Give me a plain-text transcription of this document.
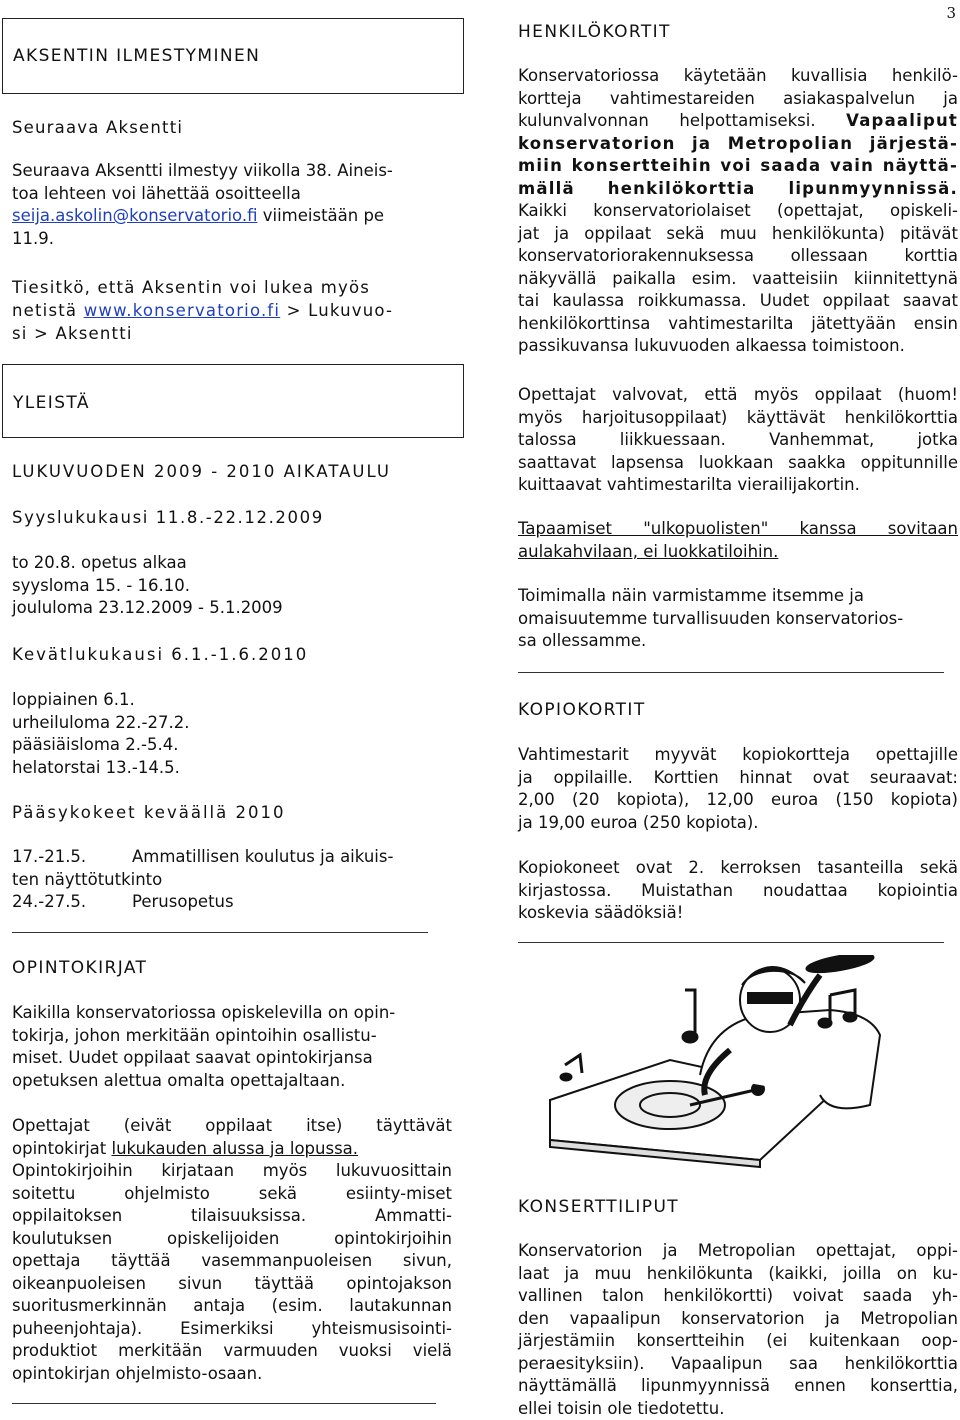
3
AKSENTIN ILMESTYMINEN
Seuraava Aksentti

Seuraava Aksentti ilmestyy viikolla 38. Aineis-

toa lehteen voi lähettää osoitteella

seija.askolin@konservatorio.fi viimeistään pe

11.9.

Tiesitkö, että Aksentin voi lukea myös

netistä www.konservatorio.fi > Lukuvuo-

si > Aksentti

YLEISTÄ
LUKUVUODEN 2009 - 2010 AIKATAULU
Syyslukukausi 11.8.-22.12.2009

to 20.8. opetus alkaa

syysloma 15. - 16.10.

joululoma 23.12.2009 - 5.1.2009

Kevätlukukausi 6.1.-1.6.2010

loppiainen 6.1.

urheiluloma 22.-27.2.

pääsiäisloma 2.-5.4.

helatorstai 13.-14.5.

Pääsykokeet keväällä 2010

17.-21.5.	Ammatillisen koulutus ja aikuis-

ten näyttötutkinto

24.-27.5.	Perusopetus

OPINTOKIRJAT

Kaikilla konservatoriossa opiskelevilla on opin-

tokirja, johon merkitään opintoihin osallistu-

miset. Uudet oppilaat saavat opintokirjansa

opetuksen alettua omalta opettajaltaan.

Opettajat (eivät oppilaat itse) täyttävät

opintokirjat lukukauden alussa ja lopussa.

Opintokirjoihin kirjataan myös lukuvuosittain

soitettu ohjelmisto sekä esiinty-miset

oppilaitoksen tilaisuuksissa. Ammatti-

koulutuksen opiskelijoiden opintokirjoihin

opettaja täyttää vasemmanpuoleisen sivun,

oikeanpuoleisen sivun täyttää opintojakson

suoritusmerkinnän antaja (esim. lautakunnan

puheenjohtaja). Esimerkiksi yhteismusisointi-

produktiot merkitään varmuuden vuoksi vielä

opintokirjan ohjelmisto-osaan.

HENKILÖKORTIT

Konservatoriossa käytetään kuvallisia henkilö-

kortteja vahtimestareiden asiakaspalvelun ja

kulunvalvonnan helpottamiseksi. Vapaaliput

konservatorion ja Metropolian järjestä-

miin konsertteihin voi saada vain näyttä-

mällä henkilökorttia lipunmyynnissä.

Kaikki konservatoriolaiset (opettajat, opiskeli-

jat ja oppilaat sekä muu henkilökunta) pitävät

konservatoriorakennuksessa ollessaan korttia

näkyvällä paikalla esim. vaatteisiin kiinnitettynä

tai kaulassa roikkumassa. Uudet oppilaat saavat

henkilökorttinsa vahtimestarilta jätettyään ensin

passikuvansa lukuvuoden alkaessa toimistoon.

Opettajat valvovat, että myös oppilaat (huom!

myös harjoitusoppilaat) käyttävät henkilökorttia

talossa liikkuessaan. Vanhemmat, jotka

saattavat lapsensa luokkaan saakka oppitunnille

kuittaavat vahtimestarilta vierailijakortin.

Tapaamiset "ulkopuolisten" kanssa sovitaan

aulakahvilaan, ei luokkatiloihin.

Toimimalla näin varmistamme itsemme ja

omaisuutemme turvallisuuden konservatorios-

sa ollessamme.

KOPIOKORTIT

Vahtimestarit myyvät kopiokortteja opettajille

ja oppilaille. Korttien hinnat ovat seuraavat:

2,00 (20 kopiota), 12,00 euroa (150 kopiota)

ja 19,00 euroa (250 kopiota).

Kopiokoneet ovat 2. kerroksen tasanteilla sekä

kirjastossa. Muistathan noudattaa kopiointia

koskevia säädöksiä!

KONSERTTILIPUT

Konservatorion ja Metropolian opettajat, oppi-

laat ja muu henkilökunta (kaikki, joilla on ku-

vallinen talon henkilökortti) voivat saada yh-

den vapaalipun konservatorion ja Metropolian

järjestämiin konsertteihin (ei kuitenkaan oop-

peraesityksiin). Vapaalipun saa henkilökorttia

näyttämällä lipunmyynnissä ennen konserttia,

ellei toisin ole tiedotettu.
